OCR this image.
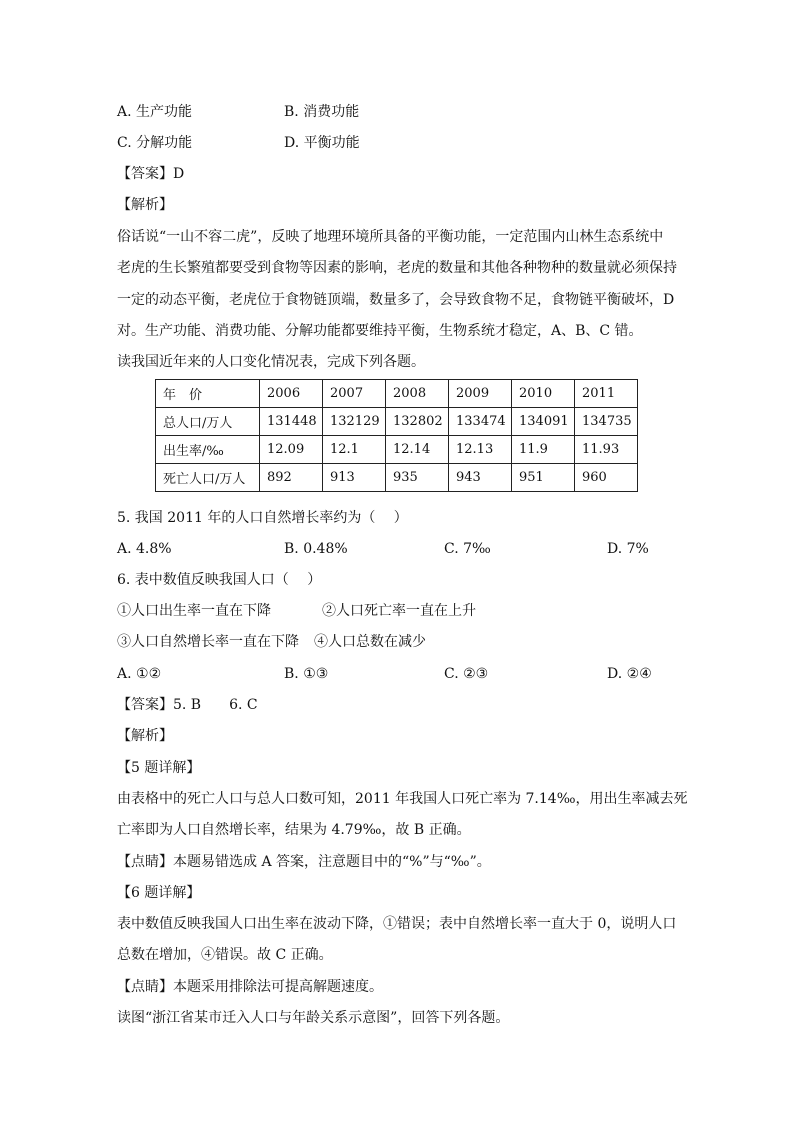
A. 生产功能	B. 消费功能
C. 分解功能	D. 平衡功能
【答案】D
【解析】
俗话说“一山不容二虎”，反映了地理环境所具备的平衡功能，一定范围内山林生态系统中
老虎的生长繁殖都要受到食物等因素的影响，老虎的数量和其他各种物种的数量就必须保持
一定的动态平衡，老虎位于食物链顶端，数量多了，会导致食物不足，食物链平衡破坏，D
对。生产功能、消费功能、分解功能都要维持平衡，生物系统才稳定，A、B、C 错。
读我国近年来的人口变化情况表，完成下列各题。
年　价	2006	2007	2008	2009	2010	2011
总人口/万人	131448	132129	132802	133474	134091	134735
出生率/‰	12.09	12.1	12.14	12.13	11.9	11.93
死亡人口/万人	892	913	935	943	951	960
5. 我国 2011 年的人口自然增长率约为（　 ）
A. 4.8%	B. 0.48%	C. 7‰	D. 7%
6. 表中数值反映我国人口（　 ）
①人口出生率一直在下降	②人口死亡率一直在上升
③人口自然增长率一直在下降 ④人口总数在减少
A. ①②	B. ①③	C. ②③	D. ②④
【答案】5. B　　6. C
【解析】
【5 题详解】
由表格中的死亡人口与总人口数可知，2011 年我国人口死亡率为 7.14‰，用出生率减去死
亡率即为人口自然增长率，结果为 4.79‰，故 B 正确。
【点睛】本题易错选成 A 答案，注意题目中的“%”与“‰”。
【6 题详解】
表中数值反映我国人口出生率在波动下降，①错误；表中自然增长率一直大于 0，说明人口
总数在增加，④错误。故 C 正确。
【点睛】本题采用排除法可提高解题速度。
读图“浙江省某市迁入人口与年龄关系示意图”，回答下列各题。
